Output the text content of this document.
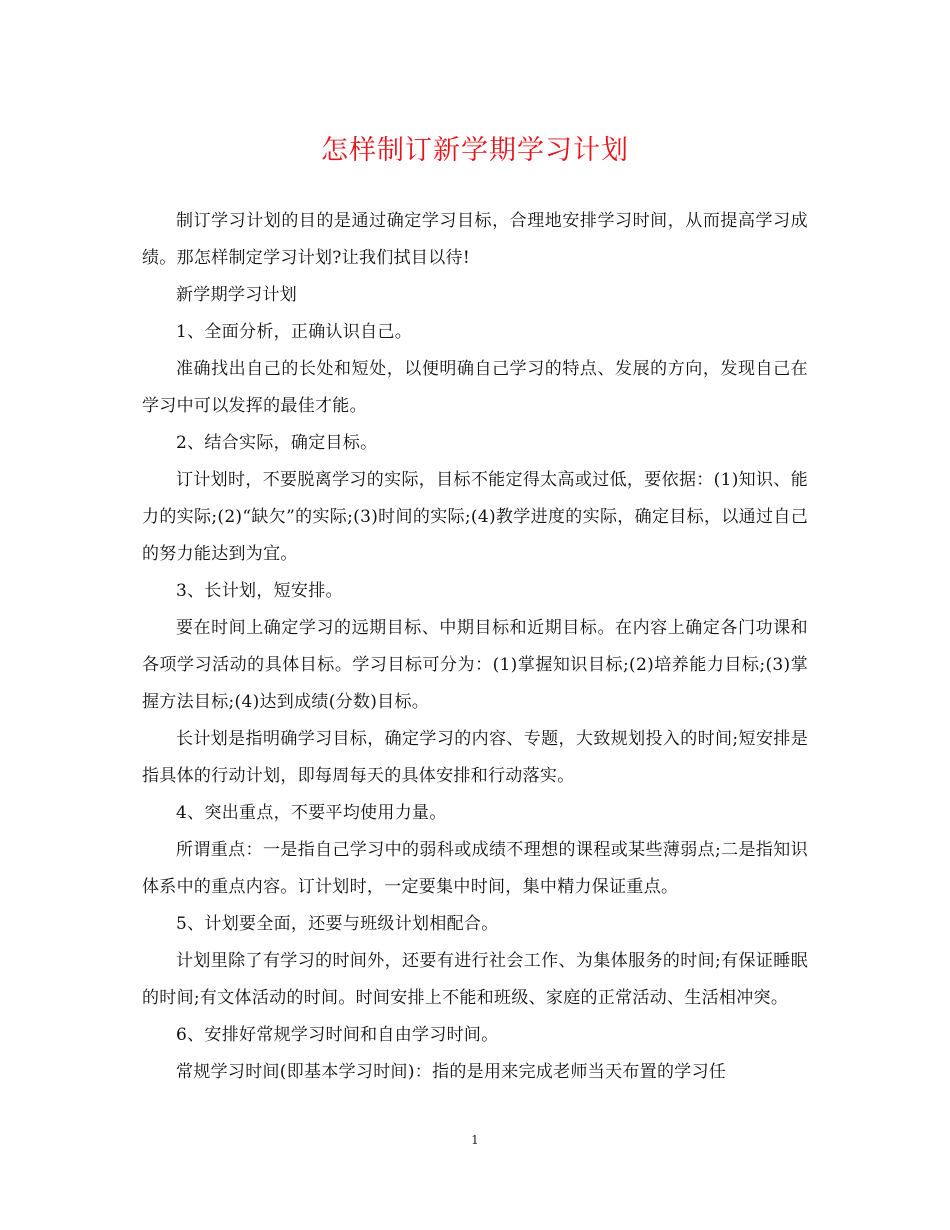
怎样制订新学期学习计划

制订学习计划的目的是通过确定学习目标，合理地安排学习时间，从而提高学习成绩。那怎样制定学习计划?让我们拭目以待!

新学期学习计划

1、全面分析，正确认识自己。

准确找出自己的长处和短处，以便明确自己学习的特点、发展的方向，发现自己在学习中可以发挥的最佳才能。

2、结合实际，确定目标。

订计划时，不要脱离学习的实际，目标不能定得太高或过低，要依据：(1)知识、能力的实际;(2)“缺欠”的实际;(3)时间的实际;(4)教学进度的实际，确定目标，以通过自己的努力能达到为宜。

3、长计划，短安排。

要在时间上确定学习的远期目标、中期目标和近期目标。在内容上确定各门功课和各项学习活动的具体目标。学习目标可分为：(1)掌握知识目标;(2)培养能力目标;(3)掌握方法目标;(4)达到成绩(分数)目标。

长计划是指明确学习目标，确定学习的内容、专题，大致规划投入的时间;短安排是指具体的行动计划，即每周每天的具体安排和行动落实。

4、突出重点，不要平均使用力量。

所谓重点：一是指自己学习中的弱科或成绩不理想的课程或某些薄弱点;二是指知识体系中的重点内容。订计划时，一定要集中时间，集中精力保证重点。

5、计划要全面，还要与班级计划相配合。

计划里除了有学习的时间外，还要有进行社会工作、为集体服务的时间;有保证睡眠的时间;有文体活动的时间。时间安排上不能和班级、家庭的正常活动、生活相冲突。

6、安排好常规学习时间和自由学习时间。

常规学习时间(即基本学习时间)：指的是用来完成老师当天布置的学习任

1
